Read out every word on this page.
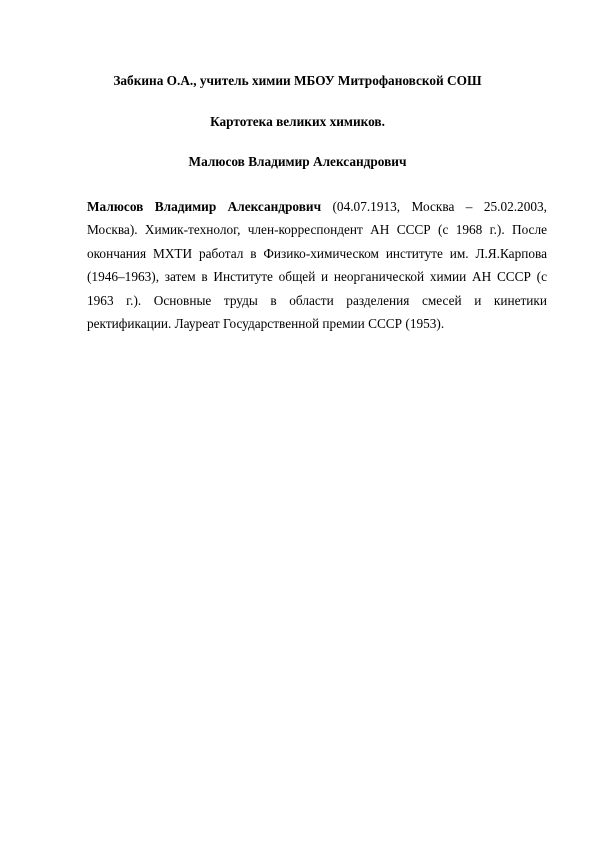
Забкина О.А., учитель химии МБОУ Митрофановской СОШ
Картотека великих химиков.
Малюсов Владимир Александрович

Малюсов Владимир Александрович (04.07.1913, Москва – 25.02.2003, Москва). Химик-технолог, член-корреспондент АН СССР (с 1968 г.). После окончания МХТИ работал в Физико-химическом институте им. Л.Я.Карпова (1946–1963), затем в Институте общей и неорганической химии АН СССР (с 1963 г.). Основные труды в области разделения смесей и кинетики ректификации. Лауреат Государственной премии СССР (1953).
